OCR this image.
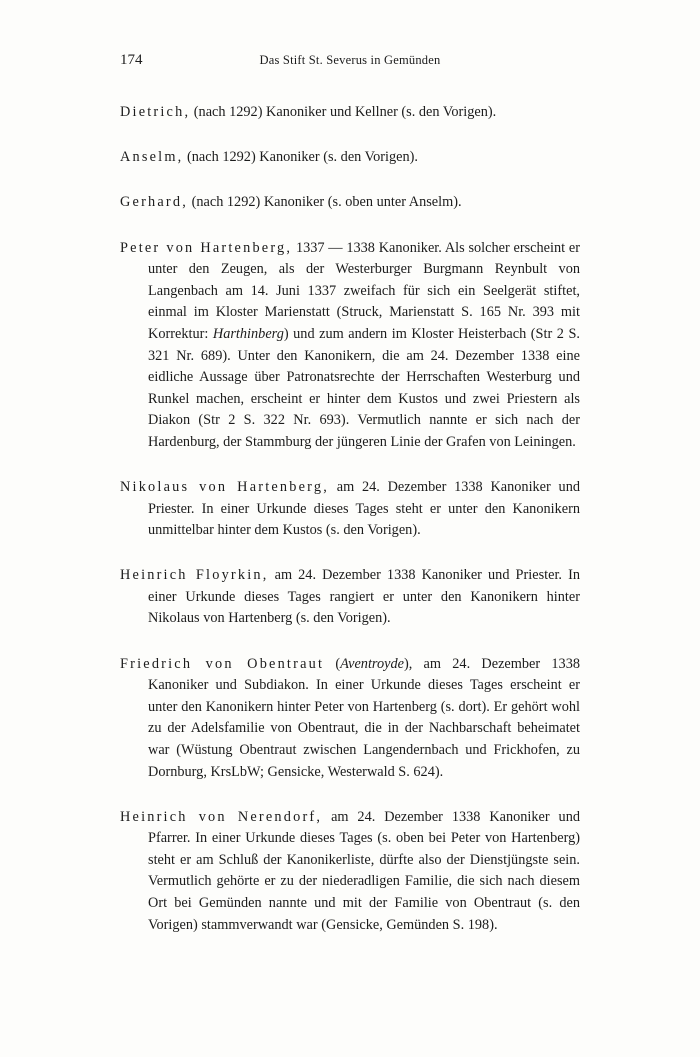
174	Das Stift St. Severus in Gemünden

Dietrich, (nach 1292) Kanoniker und Kellner (s. den Vorigen).

Anselm, (nach 1292) Kanoniker (s. den Vorigen).

Gerhard, (nach 1292) Kanoniker (s. oben unter Anselm).

Peter von Hartenberg, 1337 — 1338 Kanoniker. Als solcher erscheint er unter den Zeugen, als der Westerburger Burgmann Reynbult von Langenbach am 14. Juni 1337 zweifach für sich ein Seelgerät stiftet, einmal im Kloster Marienstatt (Struck, Marienstatt S. 165 Nr. 393 mit Korrektur: Harthinberg) und zum andern im Kloster Heisterbach (Str 2 S. 321 Nr. 689). Unter den Kanonikern, die am 24. Dezember 1338 eine eidliche Aussage über Patronatsrechte der Herrschaften Westerburg und Runkel machen, erscheint er hinter dem Kustos und zwei Priestern als Diakon (Str 2 S. 322 Nr. 693). Vermutlich nannte er sich nach der Hardenburg, der Stammburg der jüngeren Linie der Grafen von Leiningen.

Nikolaus von Hartenberg, am 24. Dezember 1338 Kanoniker und Priester. In einer Urkunde dieses Tages steht er unter den Kanonikern unmittelbar hinter dem Kustos (s. den Vorigen).

Heinrich Floyrkin, am 24. Dezember 1338 Kanoniker und Priester. In einer Urkunde dieses Tages rangiert er unter den Kanonikern hinter Nikolaus von Hartenberg (s. den Vorigen).

Friedrich von Obentraut (Aventroyde), am 24. Dezember 1338 Kanoniker und Subdiakon. In einer Urkunde dieses Tages erscheint er unter den Kanonikern hinter Peter von Hartenberg (s. dort). Er gehört wohl zu der Adelsfamilie von Obentraut, die in der Nachbarschaft beheimatet war (Wüstung Obentraut zwischen Langendernbach und Frickhofen, zu Dornburg, KrsLbW; Gensicke, Westerwald S. 624).

Heinrich von Nerendorf, am 24. Dezember 1338 Kanoniker und Pfarrer. In einer Urkunde dieses Tages (s. oben bei Peter von Hartenberg) steht er am Schluß der Kanonikerliste, dürfte also der Dienstjüngste sein. Vermutlich gehörte er zu der niederadligen Familie, die sich nach diesem Ort bei Gemünden nannte und mit der Familie von Obentraut (s. den Vorigen) stammverwandt war (Gensicke, Gemünden S. 198).
